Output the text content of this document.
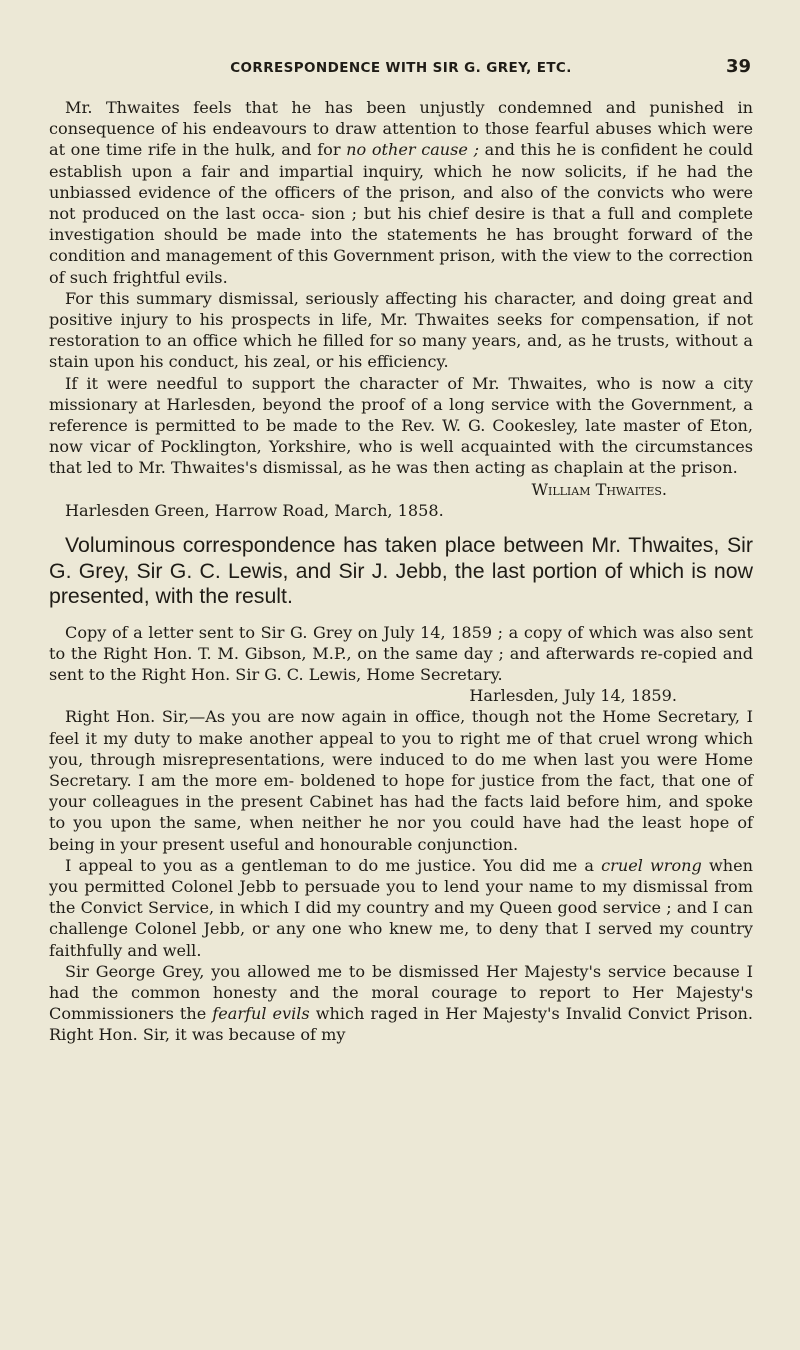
CORRESPONDENCE WITH SIR G. GREY, ETC.	39

Mr. Thwaites feels that he has been unjustly condemned and punished in consequence of his endeavours to draw attention to those fearful abuses which were at one time rife in the hulk, and for no other cause ; and this he is confident he could establish upon a fair and impartial inquiry, which he now solicits, if he had the unbiassed evidence of the officers of the prison, and also of the convicts who were not produced on the last occa- sion ; but his chief desire is that a full and complete investigation should be made into the statements he has brought forward of the condition and management of this Government prison, with the view to the correction of such frightful evils.

For this summary dismissal, seriously affecting his character, and doing great and positive injury to his prospects in life, Mr. Thwaites seeks for compensation, if not restoration to an office which he filled for so many years, and, as he trusts, without a stain upon his conduct, his zeal, or his efficiency.

If it were needful to support the character of Mr. Thwaites, who is now a city missionary at Harlesden, beyond the proof of a long service with the Government, a reference is permitted to be made to the Rev. W. G. Cookesley, late master of Eton, now vicar of Pocklington, Yorkshire, who is well acquainted with the circumstances that led to Mr. Thwaites's dismissal, as he was then acting as chaplain at the prison.

William Thwaites.

Harlesden Green, Harrow Road, March, 1858.

Voluminous correspondence has taken place between Mr. Thwaites, Sir G. Grey, Sir G. C. Lewis, and Sir J. Jebb, the last portion of which is now presented, with the result.

Copy of a letter sent to Sir G. Grey on July 14, 1859 ; a copy of which was also sent to the Right Hon. T. M. Gibson, M.P., on the same day ; and afterwards re-copied and sent to the Right Hon. Sir G. C. Lewis, Home Secretary.

Harlesden, July 14, 1859.

Right Hon. Sir,—As you are now again in office, though not the Home Secretary, I feel it my duty to make another appeal to you to right me of that cruel wrong which you, through misrepresentations, were induced to do me when last you were Home Secretary. I am the more em- boldened to hope for justice from the fact, that one of your colleagues in the present Cabinet has had the facts laid before him, and spoke to you upon the same, when neither he nor you could have had the least hope of being in your present useful and honourable conjunction.

I appeal to you as a gentleman to do me justice. You did me a cruel wrong when you permitted Colonel Jebb to persuade you to lend your name to my dismissal from the Convict Service, in which I did my country and my Queen good service ; and I can challenge Colonel Jebb, or any one who knew me, to deny that I served my country faithfully and well.

Sir George Grey, you allowed me to be dismissed Her Majesty's service because I had the common honesty and the moral courage to report to Her Majesty's Commissioners the fearful evils which raged in Her Majesty's Invalid Convict Prison. Right Hon. Sir, it was because of my
